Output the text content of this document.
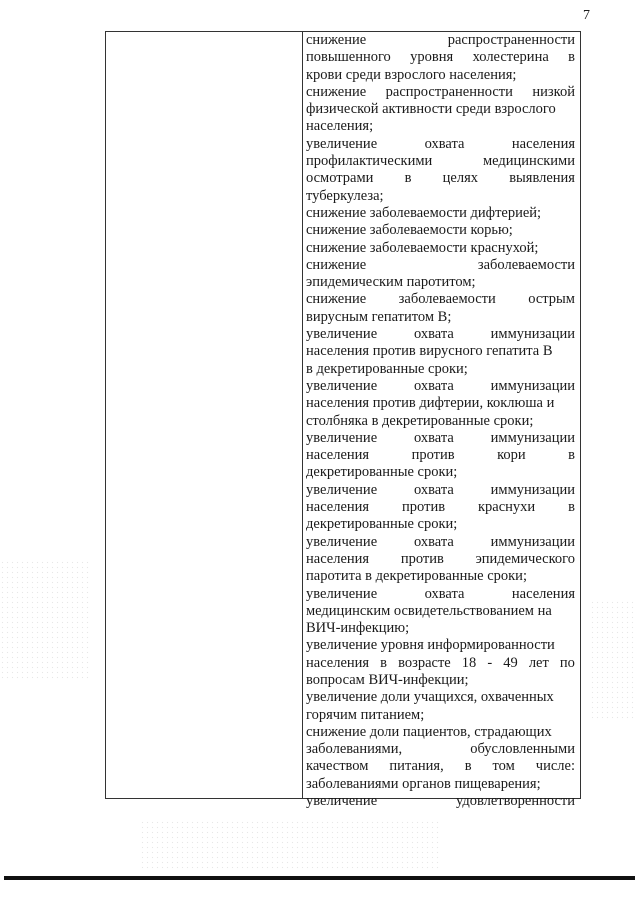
7
снижение	распространенности
повышенного уровня холестерина в
крови среди взрослого населения;
снижение распространенности низкой
физической активности среди взрослого
населения;
увеличение	охвата	населения
профилактическими	медицинскими
осмотрами в целях выявления
туберкулеза;
снижение заболеваемости дифтерией;
снижение заболеваемости корью;
снижение заболеваемости краснухой;
снижение	заболеваемости
эпидемическим паротитом;
снижение заболеваемости острым
вирусным гепатитом В;
увеличение	охвата	иммунизации
населения против вирусного гепатита В
в декретированные сроки;
увеличение	охвата	иммунизации
населения против дифтерии, коклюша и
столбняка в декретированные сроки;
увеличение	охвата	иммунизации
населения	против	кори	в
декретированные сроки;
увеличение	охвата	иммунизации
населения против краснухи в
декретированные сроки;
увеличение	охвата	иммунизации
населения против эпидемического
паротита в декретированные сроки;
увеличение	охвата	населения
медицинским освидетельствованием на
ВИЧ-инфекцию;
увеличение уровня информированности
населения в возрасте 18 - 49 лет по
вопросам ВИЧ-инфекции;
увеличение доли учащихся, охваченных
горячим питанием;
снижение доли пациентов, страдающих
заболеваниями,	обусловленными
качеством питания, в том числе:
заболеваниями органов пищеварения;
увеличение	удовлетворенности
